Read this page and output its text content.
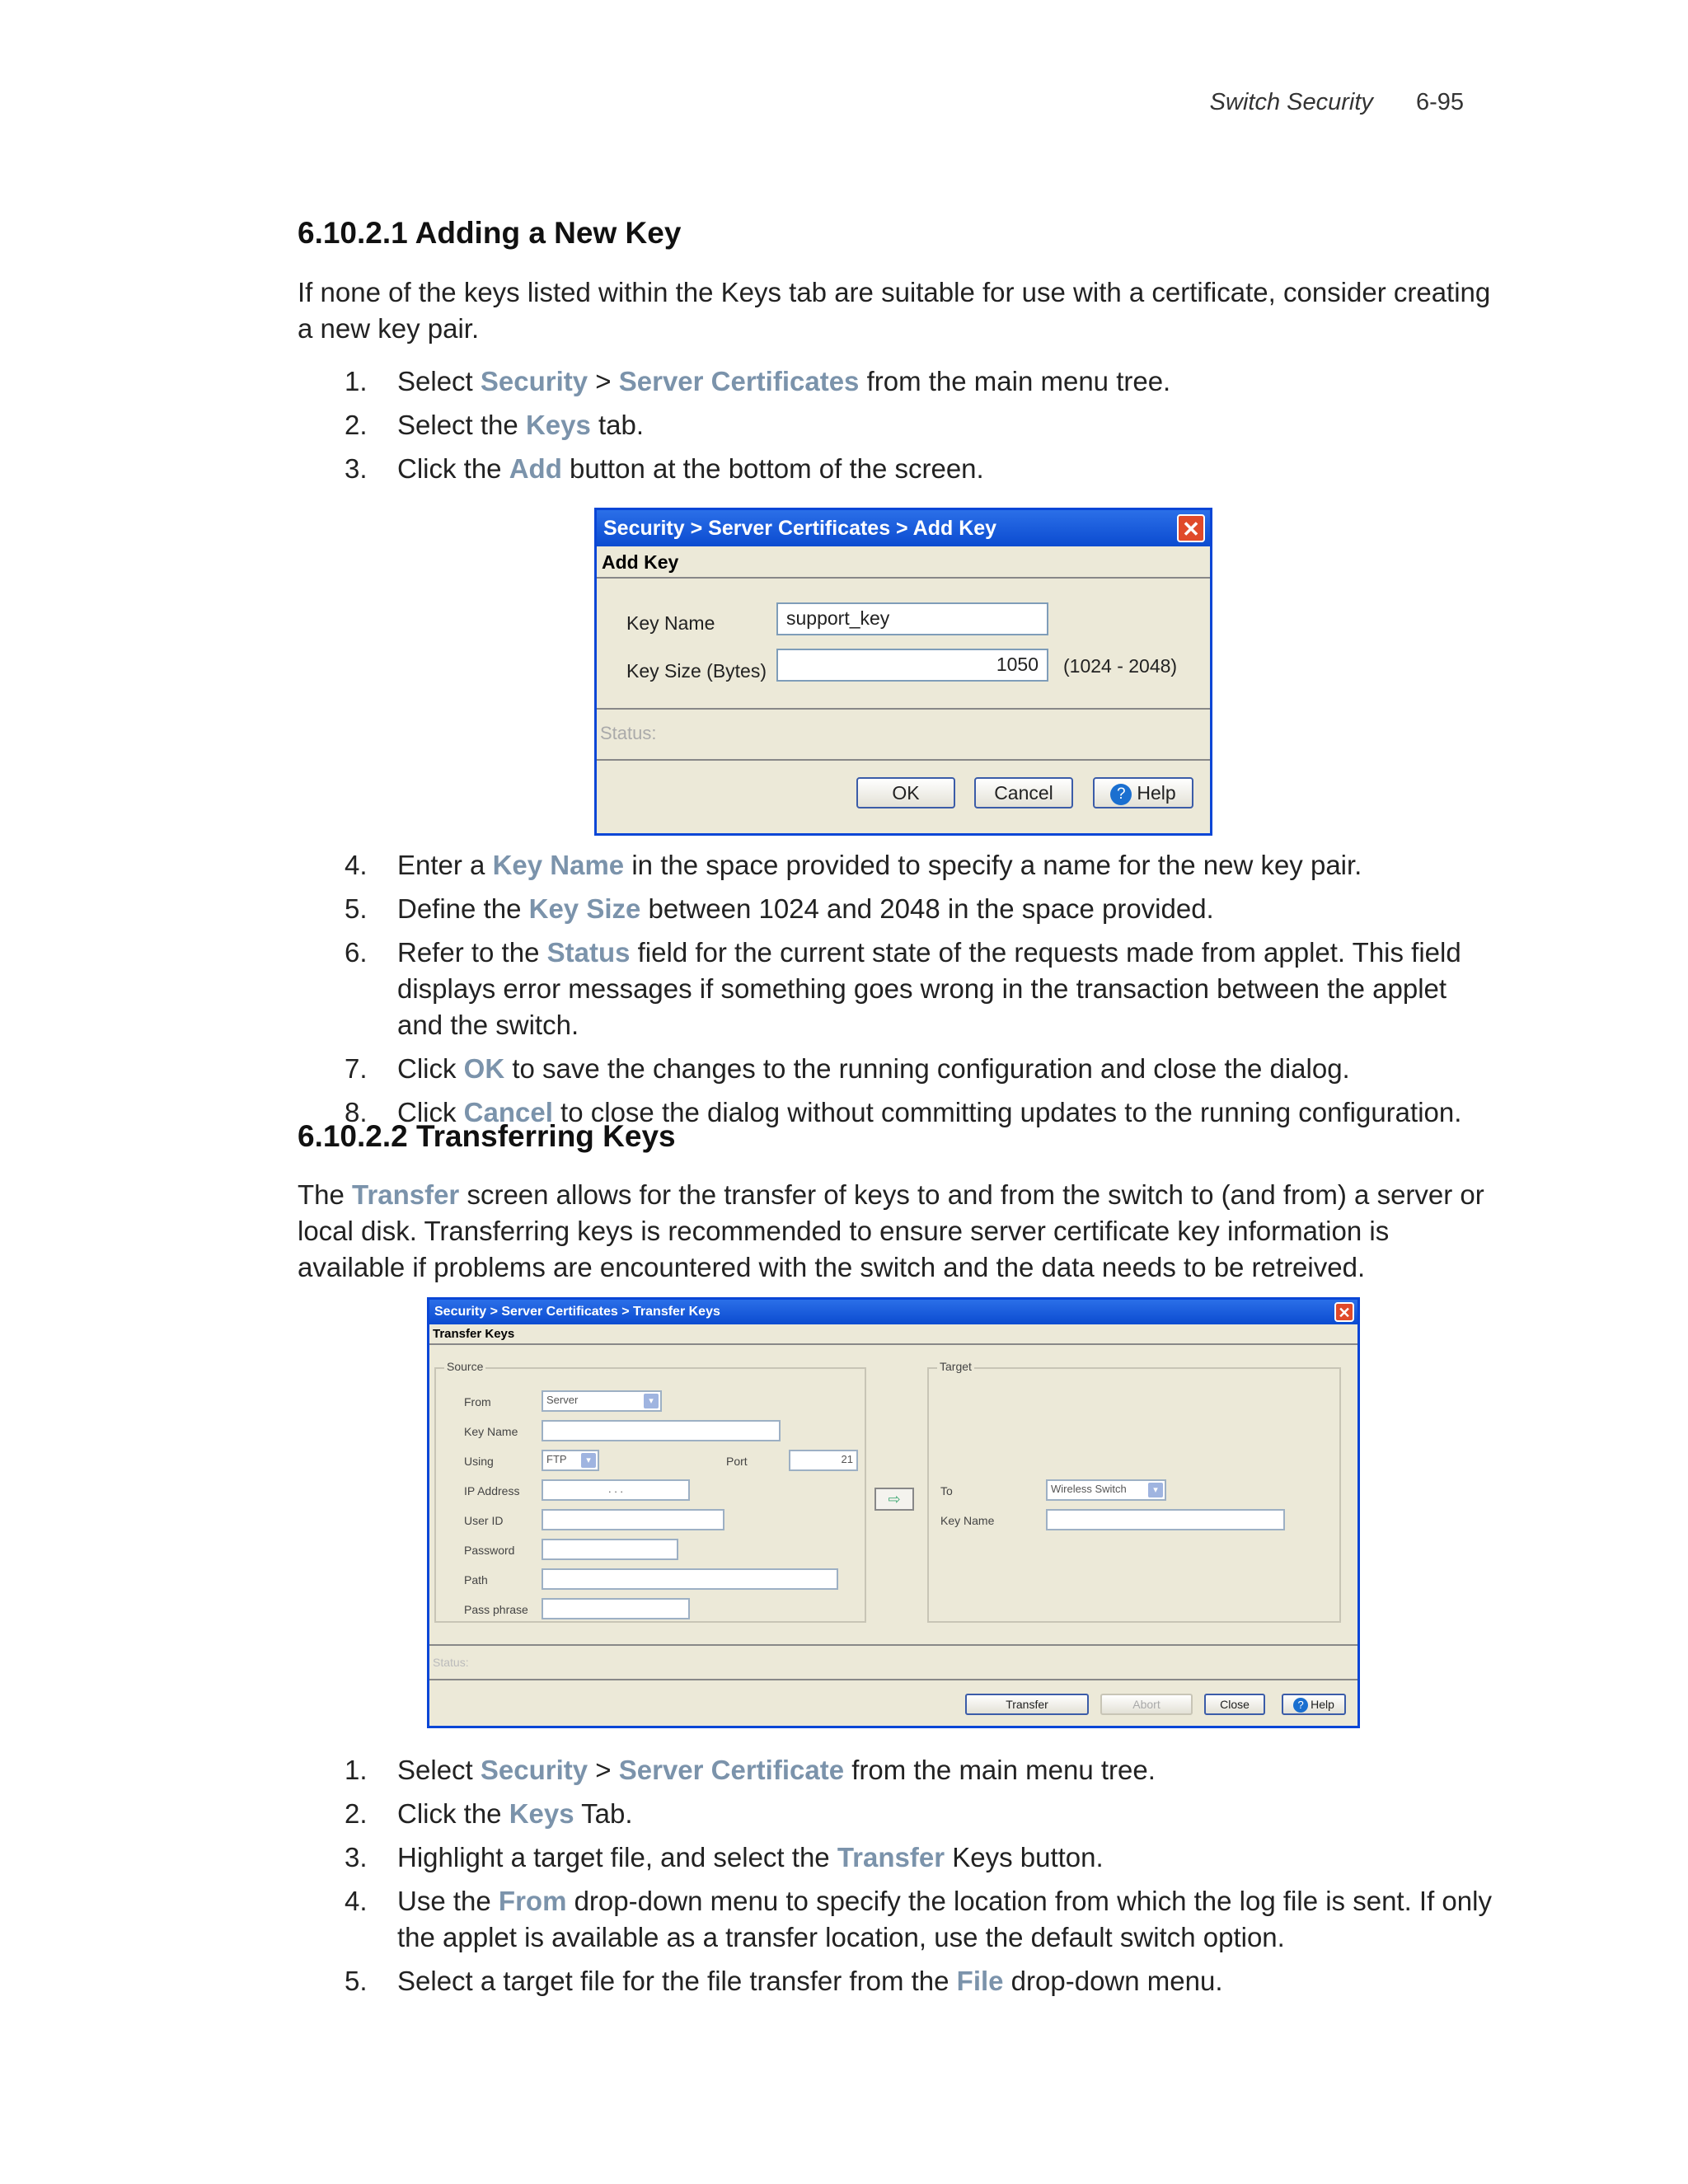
Switch Security 6-95
6.10.2.1 Adding a New Key

If none of the keys listed within the Keys tab are suitable for use with a certificate, consider creating a new key pair.

1. Select Security > Server Certificates from the main menu tree.
2. Select the Keys tab.
3. Click the Add button at the bottom of the screen.
Security > Server Certificates > Add Key	✕
Add Key
Key Name	support_key
Key Size (Bytes)	1050	(1024 - 2048)
Status:
OK	Cancel	? Help
4. Enter a Key Name in the space provided to specify a name for the new key pair.
5. Define the Key Size between 1024 and 2048 in the space provided.
6. Refer to the Status field for the current state of the requests made from applet. This field displays error messages if something goes wrong in the transaction between the applet and the switch.
7. Click OK to save the changes to the running configuration and close the dialog.
8. Click Cancel to close the dialog without committing updates to the running configuration.
6.10.2.2 Transferring Keys

The Transfer screen allows for the transfer of keys to and from the switch to (and from) a server or local disk. Transferring keys is recommended to ensure server certificate key information is available if problems are encountered with the switch and the data needs to be retreived.

Security > Server Certificates > Transfer Keys	✕
Transfer Keys
Source
From	Server	▾
Key Name
Using	FTP	▾	Port	21
IP Address	. . .
User ID
Password
Path
Pass phrase
⇨
Target
To	Wireless Switch	▾
Key Name
Status:
Transfer	Abort	Close	? Help
1. Select Security > Server Certificate from the main menu tree.
2. Click the Keys Tab.
3. Highlight a target file, and select the Transfer Keys button.
4. Use the From drop-down menu to specify the location from which the log file is sent. If only the applet is available as a transfer location, use the default switch option.
5. Select a target file for the file transfer from the File drop-down menu.
